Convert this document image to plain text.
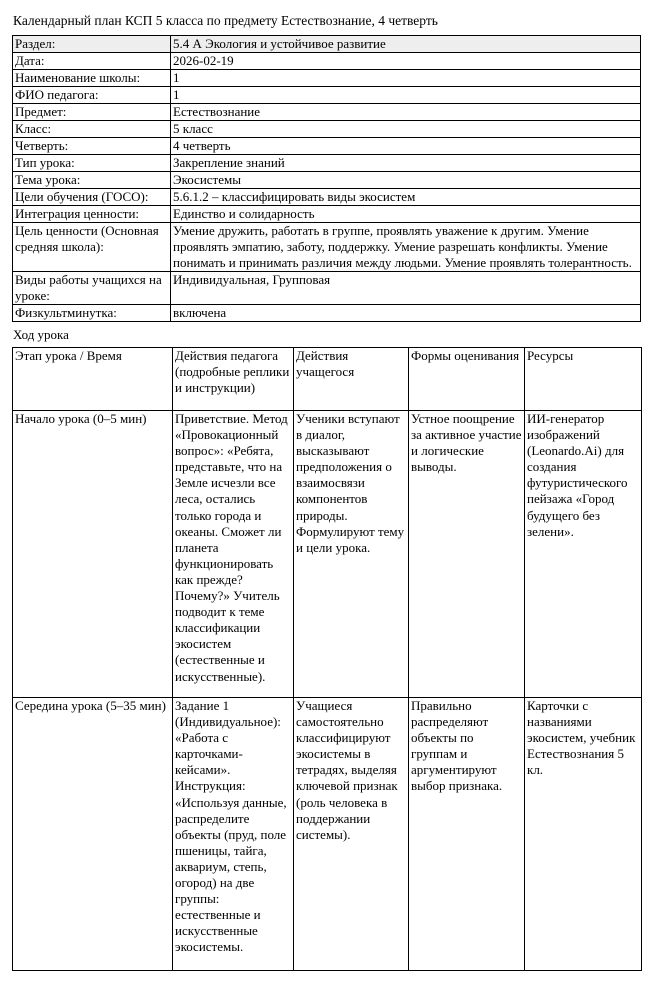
Календарный план КСП 5 класса по предмету Естествознание, 4 четверть
Раздел:	5.4 А Экология и устойчивое развитие
Дата:	2026-02-19
Наименование школы:	1
ФИО педагога:	1
Предмет:	Естествознание
Класс:	5 класс
Четверть:	4 четверть
Тип урока:	Закрепление знаний
Тема урока:	Экосистемы
Цели обучения (ГОСО):	5.6.1.2 – классифицировать виды экосистем
Интеграция ценности:	Единство и солидарность
Цель ценности (Основная средняя школа):	Умение дружить, работать в группе, проявлять уважение к другим. Умение проявлять эмпатию, заботу, поддержку. Умение разрешать конфликты. Умение понимать и принимать различия между людьми. Умение проявлять толерантность.
Виды работы учащихся на уроке:	Индивидуальная, Групповая
Физкультминутка:	включена
Ход урока
Этап урока / Время	Действия педагога (подробные реплики и инструкции)	Действия учащегося	Формы оценивания	Ресурсы
Начало урока (0–5 мин)	Приветствие. Метод «Провокационный вопрос»: «Ребята, представьте, что на Земле исчезли все леса, остались только города и океаны. Сможет ли планета функционировать как прежде? Почему?» Учитель подводит к теме классификации экосистем (естественные и искусственные).	Ученики вступают в диалог, высказывают предположения о взаимосвязи компонентов природы. Формулируют тему и цели урока.	Устное поощрение за активное участие и логические выводы.	ИИ-генератор изображений (Leonardo.Ai) для создания футуристического пейзажа «Город будущего без зелени».
Середина урока (5–35 мин)	Задание 1 (Индивидуальное): «Работа с карточками-кейсами». Инструкция: «Используя данные, распределите объекты (пруд, поле пшеницы, тайга, аквариум, степь, огород) на две группы: естественные и искусственные экосистемы.	Учащиеся самостоятельно классифицируют экосистемы в тетрадях, выделяя ключевой признак (роль человека в поддержании системы).	Правильно распределяют объекты по группам и аргументируют выбор признака.	Карточки с названиями экосистем, учебник Естествознания 5 кл.
